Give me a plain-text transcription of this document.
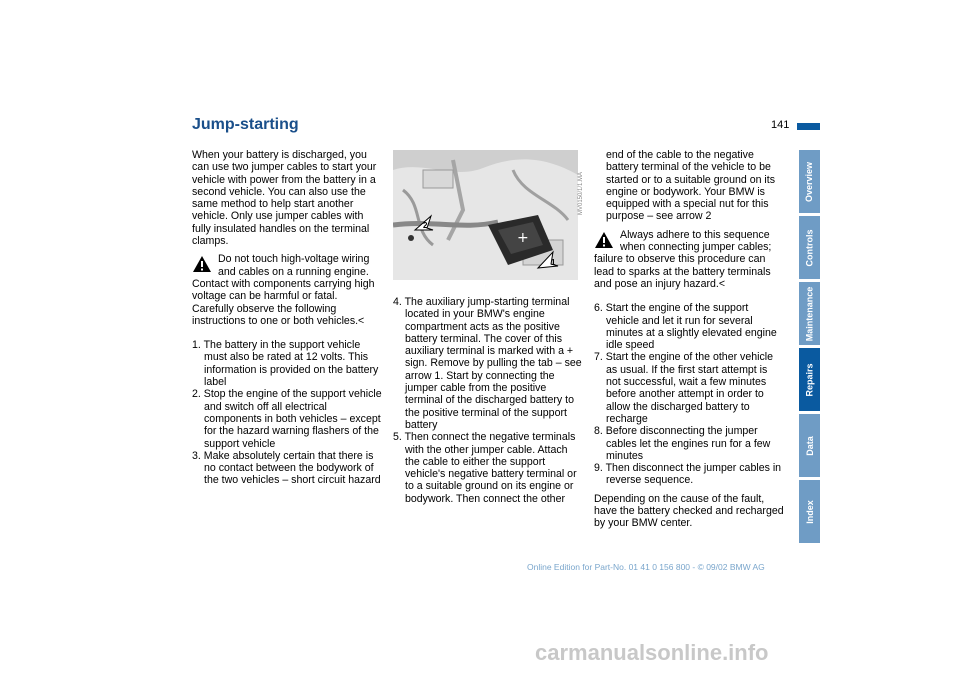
Jump-starting	141

When your battery is discharged, you can use two jumper cables to start your vehicle with power from the battery in a second vehicle. You can also use the same method to help start another vehicle. Only use jumper cables with fully insulated handles on the terminal clamps.

Do not touch high-voltage wiring and cables on a running engine.

Contact with components carrying high voltage can be harmful or fatal. Carefully observe the following instructions to one or both vehicles.<

1. The battery in the support vehicle must also be rated at 12 volts. This information is provided on the battery label

2. Stop the engine of the support vehicle and switch off all electrical components in both vehicles – except for the hazard warning flashers of the support vehicle

3. Make absolutely certain that there is no contact between the bodywork of the two vehicles – short circuit hazard

+
2
1
MV0150/1/1.MA

4. The auxiliary jump-starting terminal located in your BMW's engine compartment acts as the positive battery terminal. The cover of this auxiliary terminal is marked with a + sign. Remove by pulling the tab – see arrow 1. Start by connecting the jumper cable from the positive terminal of the discharged battery to the positive terminal of the support battery

5. Then connect the negative terminals with the other jumper cable. Attach the cable to either the support vehicle's negative battery terminal or to a suitable ground on its engine or bodywork. Then connect the other

end of the cable to the negative battery terminal of the vehicle to be started or to a suitable ground on its engine or bodywork. Your BMW is equipped with a special nut for this purpose – see arrow 2

Always adhere to this sequence when connecting jumper cables;

failure to observe this procedure can lead to sparks at the battery terminals and pose an injury hazard.<

6. Start the engine of the support vehicle and let it run for several minutes at a slightly elevated engine idle speed

7. Start the engine of the other vehicle as usual. If the first start attempt is not successful, wait a few minutes before another attempt in order to allow the discharged battery to recharge

8. Before disconnecting the jumper cables let the engines run for a few minutes

9. Then disconnect the jumper cables in reverse sequence.

Depending on the cause of the fault, have the battery checked and recharged by your BMW center.

Overview
Controls
Maintenance
Repairs
Data
Index
Online Edition for Part-No. 01 41 0 156 800 - © 09/02 BMW AG
carmanualsonline.info
